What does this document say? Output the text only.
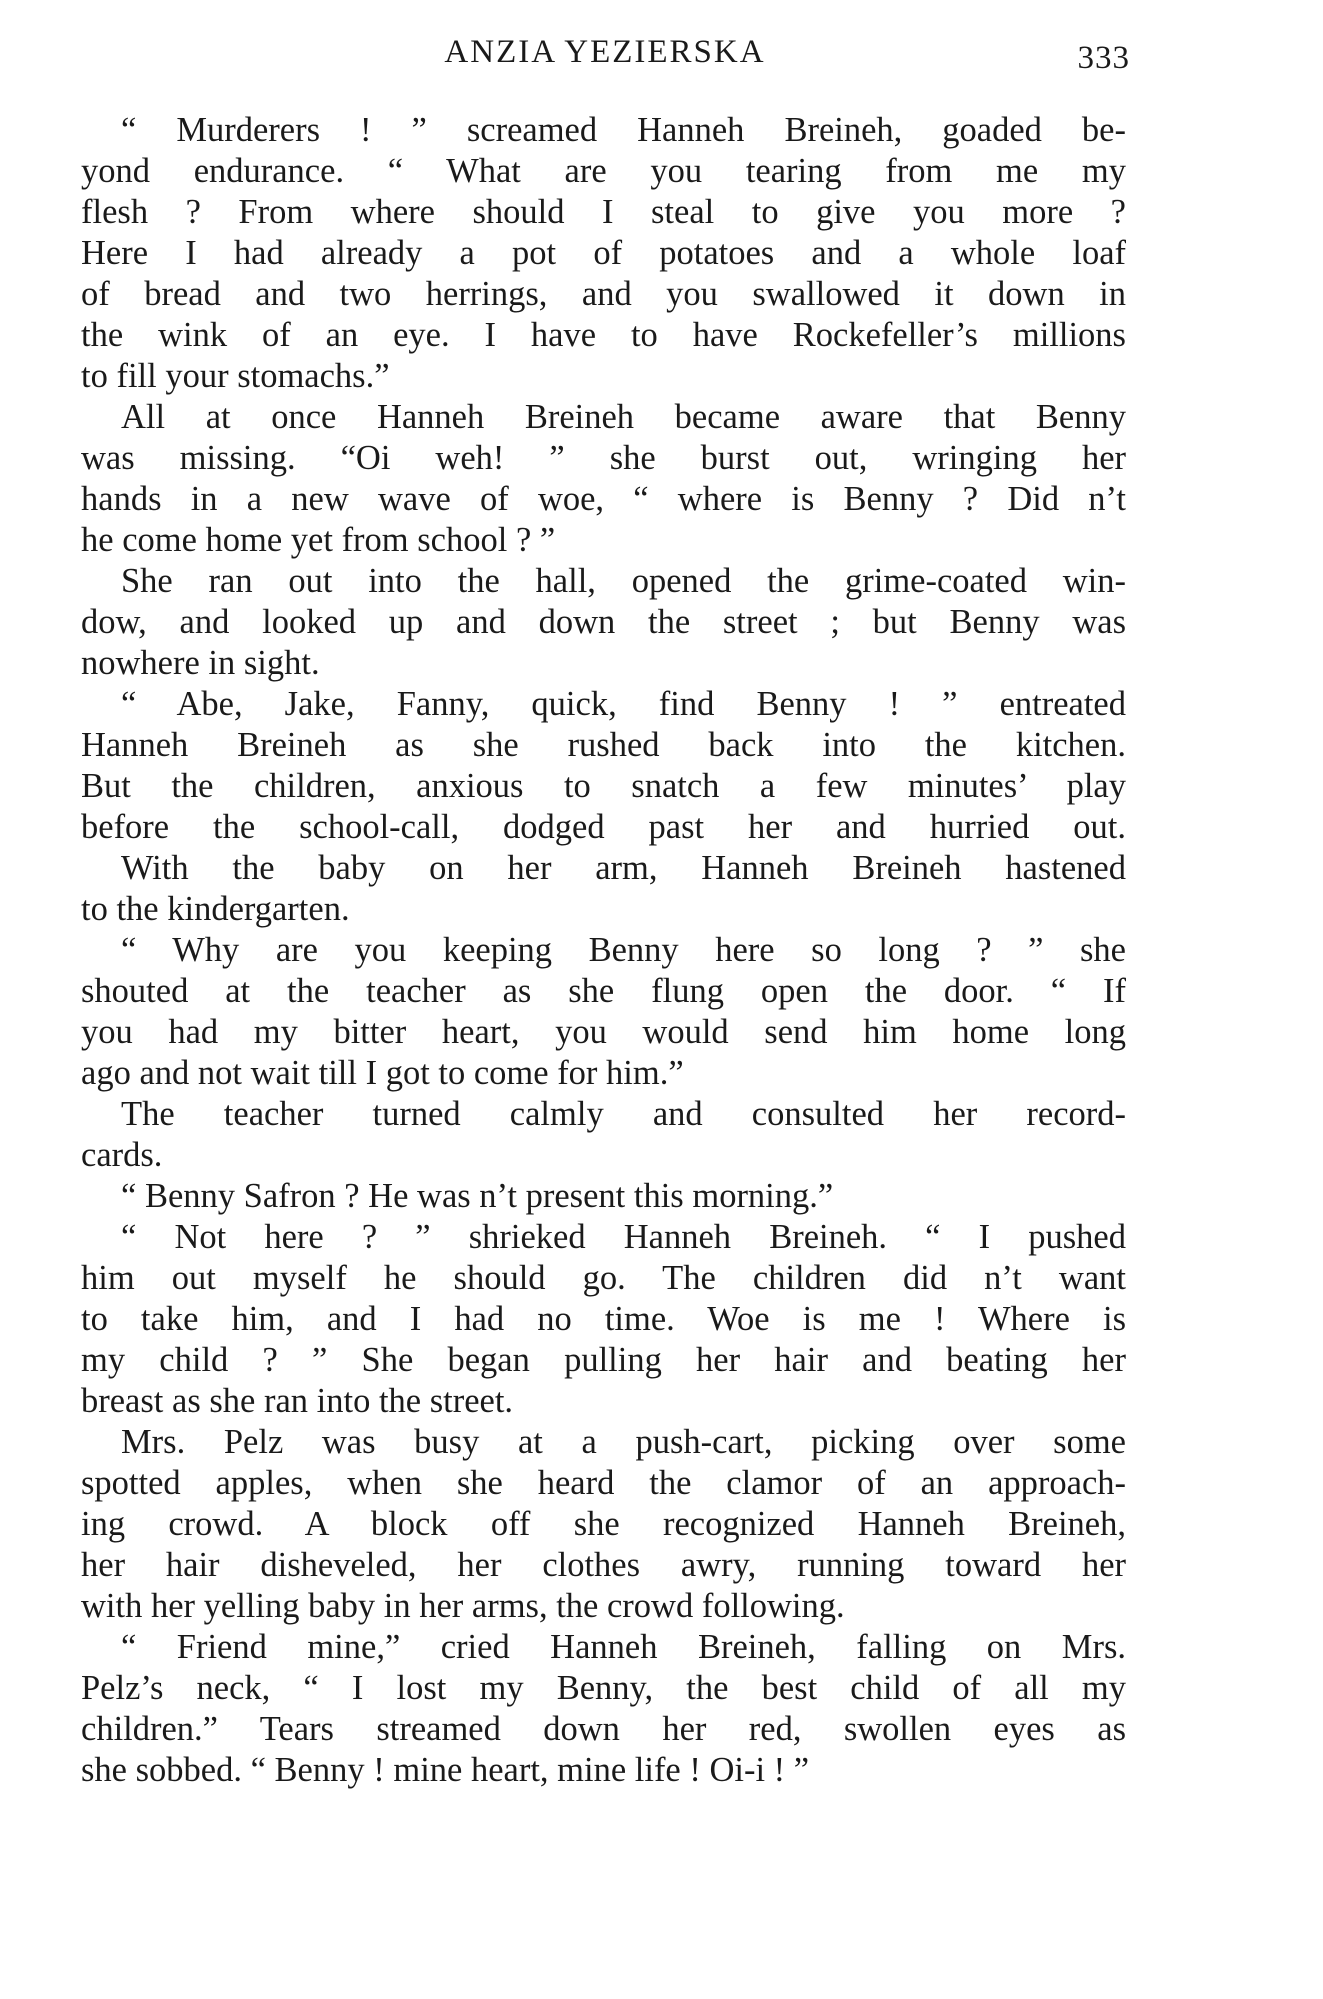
ANZIA YEZIERSKA	333
“ Murderers ! ” screamed Hanneh Breineh, goaded be-
yond endurance. “ What are you tearing from me my
flesh ? From where should I steal to give you more ?
Here I had already a pot of potatoes and a whole loaf
of bread and two herrings, and you swallowed it down in
the wink of an eye. I have to have Rockefeller’s millions
to fill your stomachs.”
All at once Hanneh Breineh became aware that Benny
was missing. “Oi weh! ” she burst out, wringing her
hands in a new wave of woe, “ where is Benny ? Did n’t
he come home yet from school ? ”
She ran out into the hall, opened the grime-coated win-
dow, and looked up and down the street ; but Benny was
nowhere in sight.
“ Abe, Jake, Fanny, quick, find Benny ! ” entreated
Hanneh Breineh as she rushed back into the kitchen.
But the children, anxious to snatch a few minutes’ play
before the school-call, dodged past her and hurried out.
With the baby on her arm, Hanneh Breineh hastened
to the kindergarten.
“ Why are you keeping Benny here so long ? ” she
shouted at the teacher as she flung open the door. “ If
you had my bitter heart, you would send him home long
ago and not wait till I got to come for him.”
The teacher turned calmly and consulted her record-
cards.
“ Benny Safron ? He was n’t present this morning.”
“ Not here ? ” shrieked Hanneh Breineh. “ I pushed
him out myself he should go. The children did n’t want
to take him, and I had no time. Woe is me ! Where is
my child ? ” She began pulling her hair and beating her
breast as she ran into the street.
Mrs. Pelz was busy at a push-cart, picking over some
spotted apples, when she heard the clamor of an approach-
ing crowd. A block off she recognized Hanneh Breineh,
her hair disheveled, her clothes awry, running toward her
with her yelling baby in her arms, the crowd following.
“ Friend mine,” cried Hanneh Breineh, falling on Mrs.
Pelz’s neck, “ I lost my Benny, the best child of all my
children.” Tears streamed down her red, swollen eyes as
she sobbed. “ Benny ! mine heart, mine life ! Oi-i ! ”
